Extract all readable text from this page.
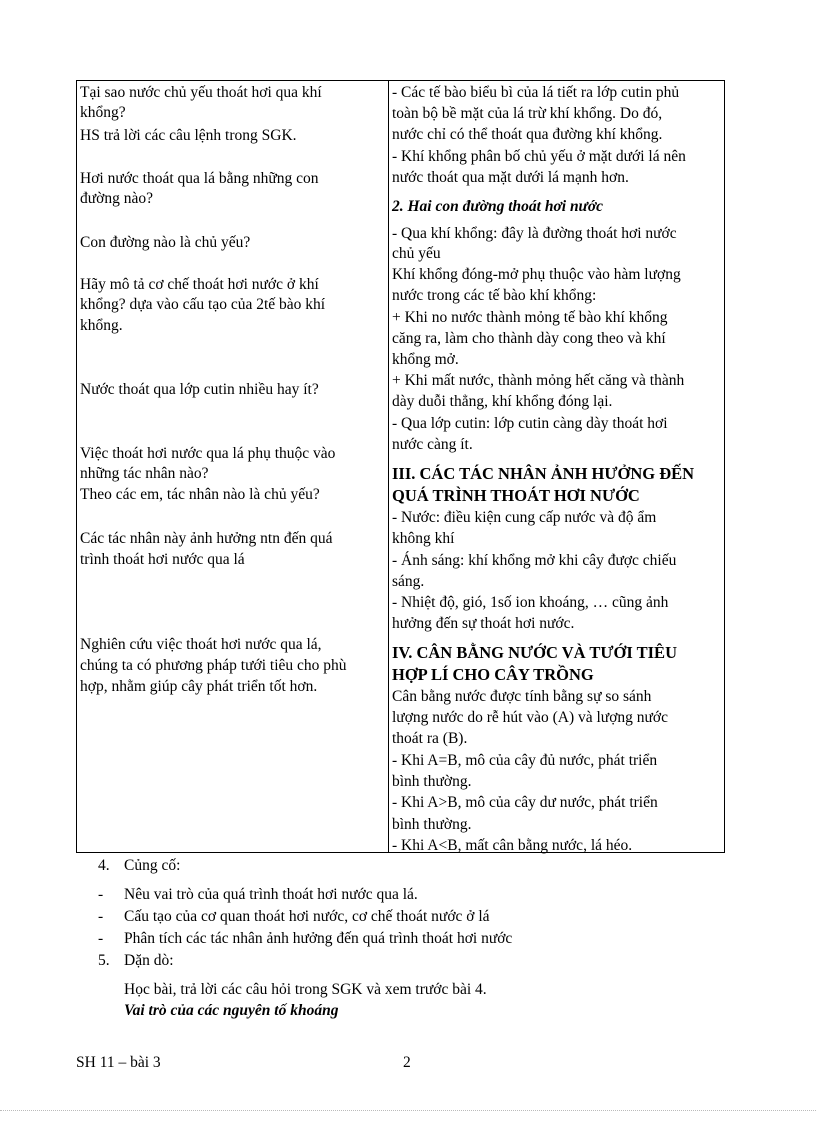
Tại sao nước chủ yếu thoát hơi qua khí
khổng?
HS trả lời các câu lệnh trong SGK.
Hơi nước thoát qua lá bằng những con
đường nào?
Con đường nào là chủ yếu?
Hãy mô tả cơ chế thoát hơi nước ở khí
khổng? dựa vào cấu tạo của 2tế bào khí
khổng.
Nước thoát qua lớp cutin nhiều hay ít?
Việc thoát hơi nước qua lá phụ thuộc vào
những tác nhân nào?
Theo các em, tác nhân nào là chủ yếu?
Các tác nhân này ảnh hưởng ntn đến quá
trình thoát hơi nước qua lá
Nghiên cứu việc thoát hơi nước qua lá,
chúng ta có phương pháp tưới tiêu cho phù
hợp, nhằm giúp cây phát triển tốt hơn.
- Các tế bào biểu bì của lá tiết ra lớp cutin phủ
toàn bộ bề mặt của lá trừ khí khổng. Do đó,
nước chỉ có thể thoát qua đường khí khổng.
- Khí khổng phân bố chủ yếu ở mặt dưới lá nên
nước thoát qua mặt dưới lá mạnh hơn.
2. Hai con đường thoát hơi nước
- Qua khí khổng: đây là đường thoát hơi nước
chủ yếu
Khí khổng đóng-mở phụ thuộc vào hàm lượng
nước trong các tế bào khí khổng:
+ Khi no nước thành mỏng tế bào khí khổng
căng ra, làm cho thành dày cong theo và khí
khổng mở.
+ Khi mất nước, thành mỏng hết căng và thành
dày duỗi thẳng, khí khổng đóng lại.
- Qua lớp cutin: lớp cutin càng dày thoát hơi
nước càng ít.
III. CÁC TÁC NHÂN ẢNH HƯỞNG ĐẾN
QUÁ TRÌNH THOÁT HƠI NƯỚC
- Nước: điều kiện cung cấp nước và độ ẩm
không khí
- Ánh sáng: khí khổng mở khi cây được chiếu
sáng.
- Nhiệt độ, gió, 1số ion khoáng, … cũng ảnh
hưởng đến sự thoát hơi nước.
IV. CÂN BẰNG NƯỚC VÀ TƯỚI TIÊU
HỢP LÍ CHO CÂY TRỒNG
Cân bằng nước được tính bằng sự so sánh
lượng nước do rễ hút vào (A) và lượng nước
thoát ra (B).
- Khi A=B, mô của cây đủ nước, phát triển
bình thường.
- Khi A>B, mô của cây dư nước, phát triển
bình thường.
- Khi A<B, mất cân bằng nước, lá héo.
4. Củng cố:
- Nêu vai trò của quá trình thoát hơi nước qua lá.
- Cấu tạo của cơ quan thoát hơi nước, cơ chế thoát nước ở lá
- Phân tích các tác nhân ảnh hưởng đến quá trình thoát hơi nước
5. Dặn dò:
Học bài, trả lời các câu hỏi trong SGK và xem trước bài 4.
Vai trò của các nguyên tố khoáng
SH 11 – bài 3	2
